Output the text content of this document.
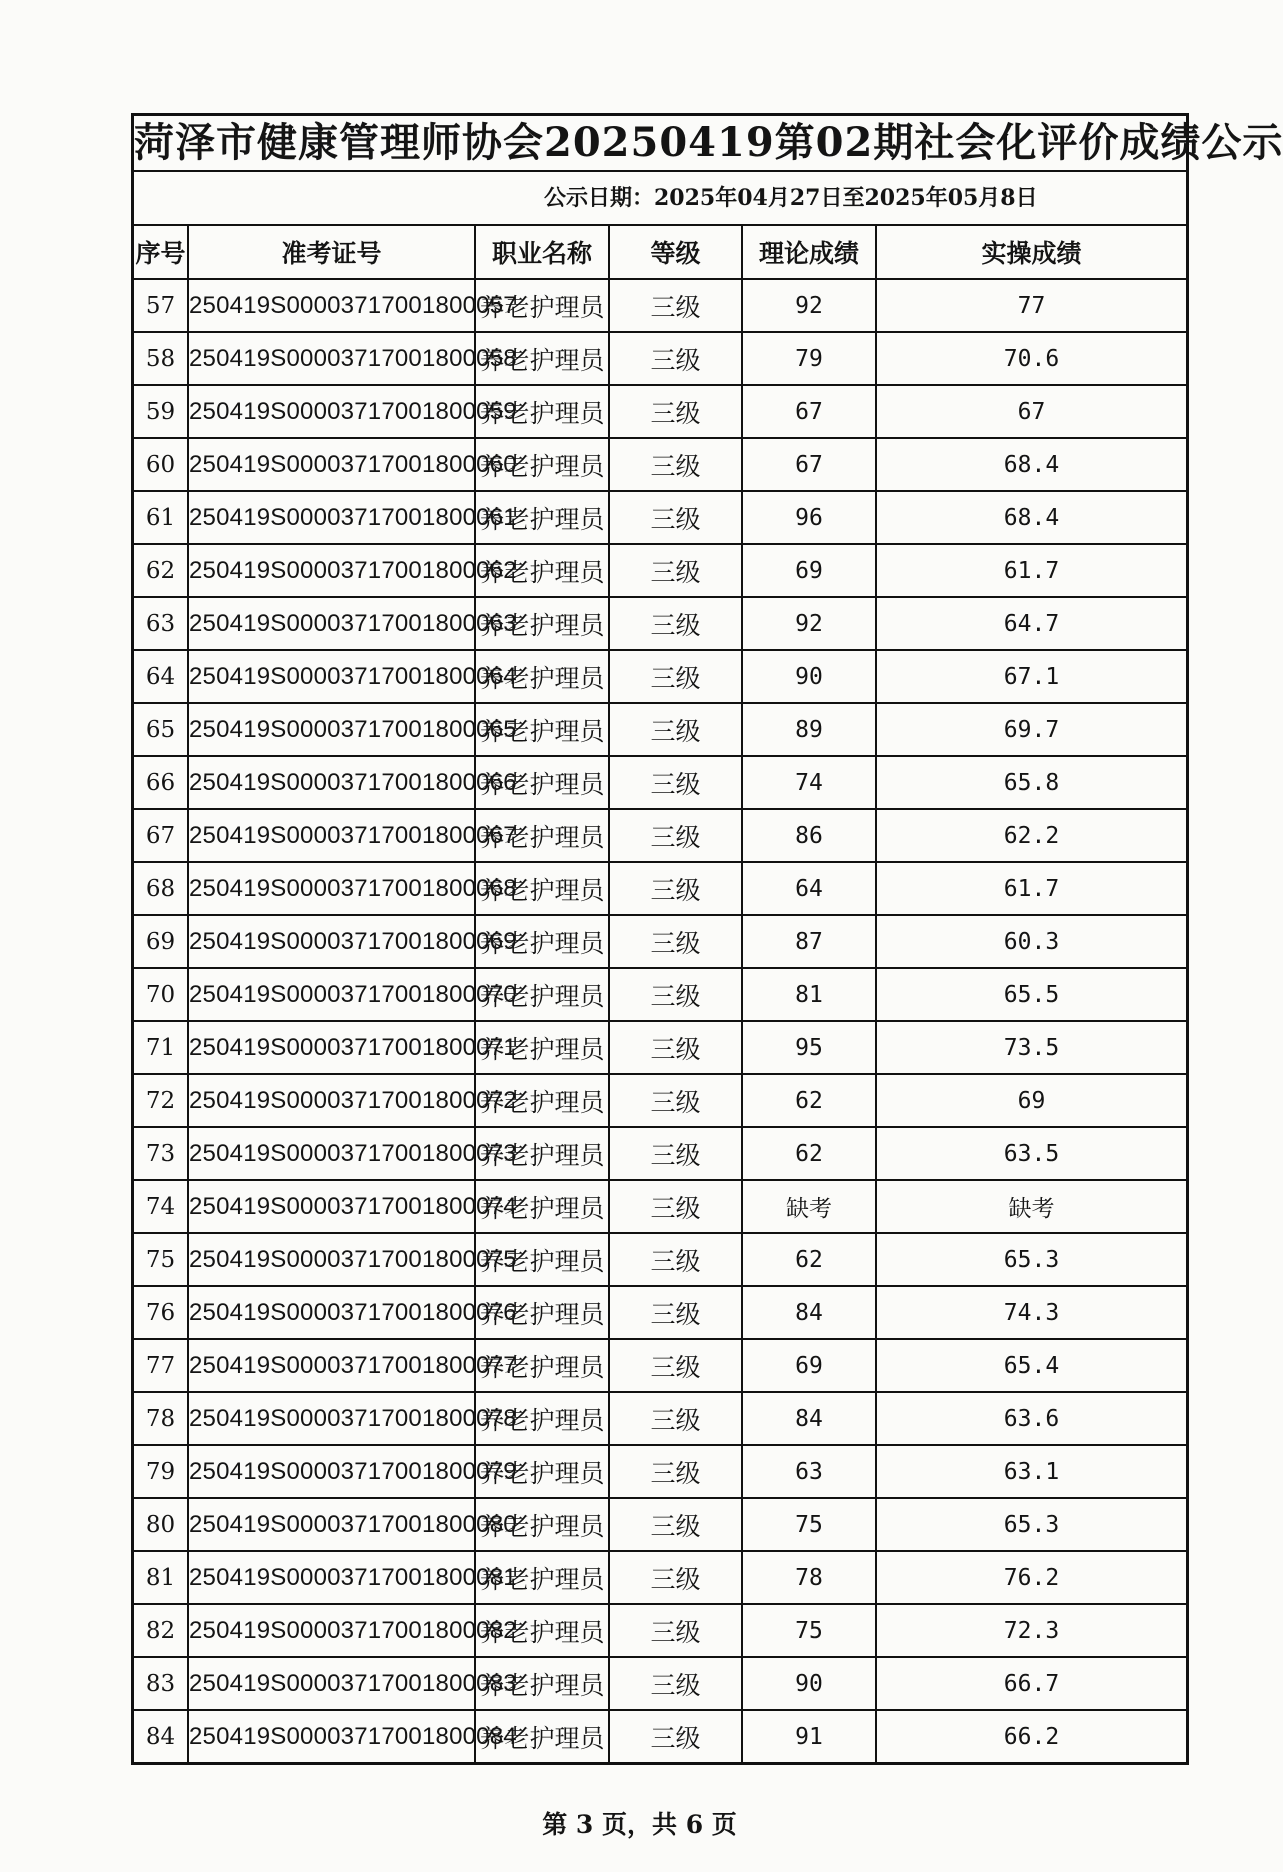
菏泽市健康管理师协会20250419第02期社会化评价成绩公示
公示日期：2025年04月27日至2025年05月8日
序号	准考证号	职业名称	等级	理论成绩	实操成绩
57	250419S00003717001800057	养老护理员	三级	92	77
58	250419S00003717001800058	养老护理员	三级	79	70.6
59	250419S00003717001800059	养老护理员	三级	67	67
60	250419S00003717001800060	养老护理员	三级	67	68.4
61	250419S00003717001800061	养老护理员	三级	96	68.4
62	250419S00003717001800062	养老护理员	三级	69	61.7
63	250419S00003717001800063	养老护理员	三级	92	64.7
64	250419S00003717001800064	养老护理员	三级	90	67.1
65	250419S00003717001800065	养老护理员	三级	89	69.7
66	250419S00003717001800066	养老护理员	三级	74	65.8
67	250419S00003717001800067	养老护理员	三级	86	62.2
68	250419S00003717001800068	养老护理员	三级	64	61.7
69	250419S00003717001800069	养老护理员	三级	87	60.3
70	250419S00003717001800070	养老护理员	三级	81	65.5
71	250419S00003717001800071	养老护理员	三级	95	73.5
72	250419S00003717001800072	养老护理员	三级	62	69
73	250419S00003717001800073	养老护理员	三级	62	63.5
74	250419S00003717001800074	养老护理员	三级	缺考	缺考
75	250419S00003717001800075	养老护理员	三级	62	65.3
76	250419S00003717001800076	养老护理员	三级	84	74.3
77	250419S00003717001800077	养老护理员	三级	69	65.4
78	250419S00003717001800078	养老护理员	三级	84	63.6
79	250419S00003717001800079	养老护理员	三级	63	63.1
80	250419S00003717001800080	养老护理员	三级	75	65.3
81	250419S00003717001800081	养老护理员	三级	78	76.2
82	250419S00003717001800082	养老护理员	三级	75	72.3
83	250419S00003717001800083	养老护理员	三级	90	66.7
84	250419S00003717001800084	养老护理员	三级	91	66.2
第 3 页，共 6 页
